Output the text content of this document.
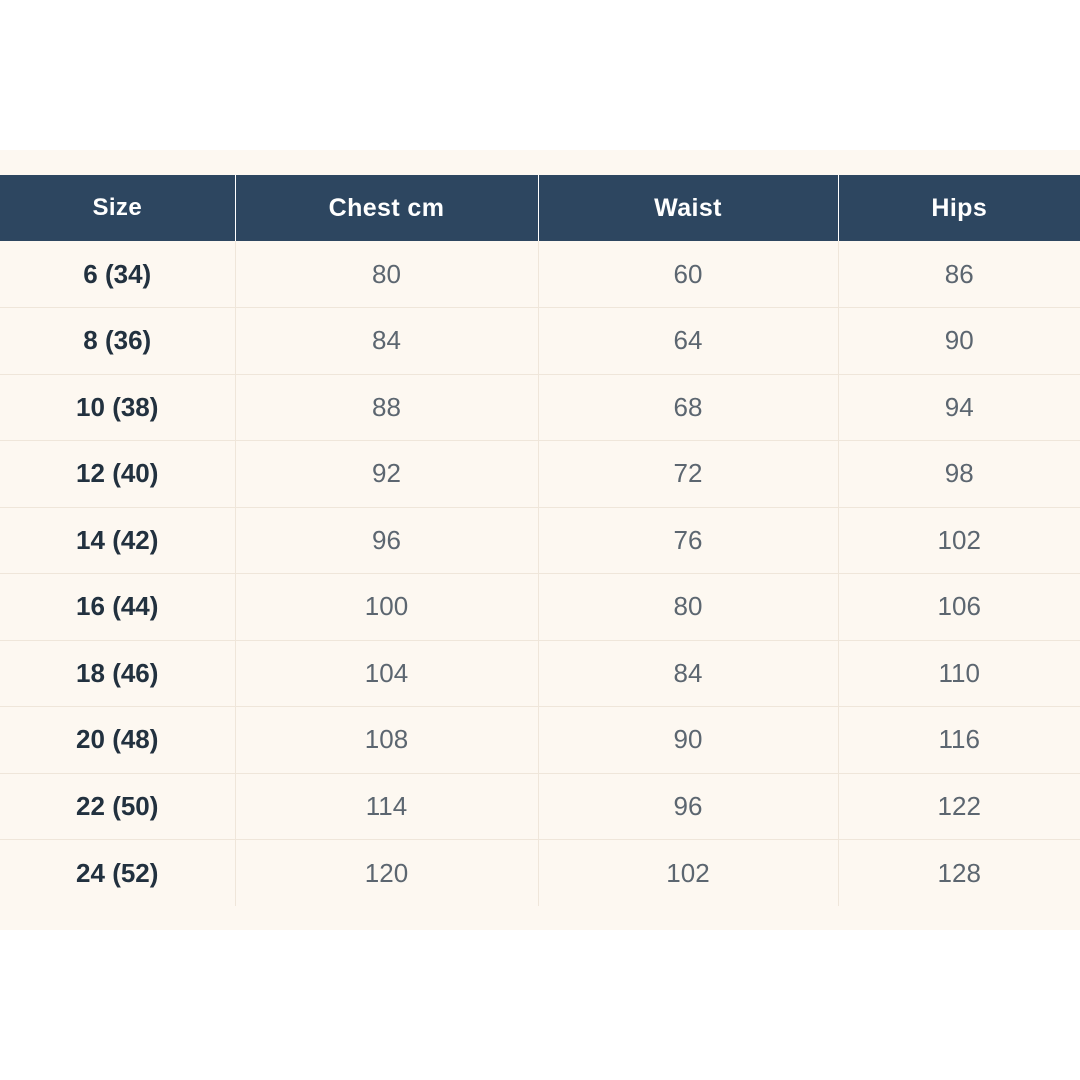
Size	Chest cm	Waist	Hips
6 (34)	80	60	86
8 (36)	84	64	90
10 (38)	88	68	94
12 (40)	92	72	98
14 (42)	96	76	102
16 (44)	100	80	106
18 (46)	104	84	110
20 (48)	108	90	116
22 (50)	114	96	122
24 (52)	120	102	128
